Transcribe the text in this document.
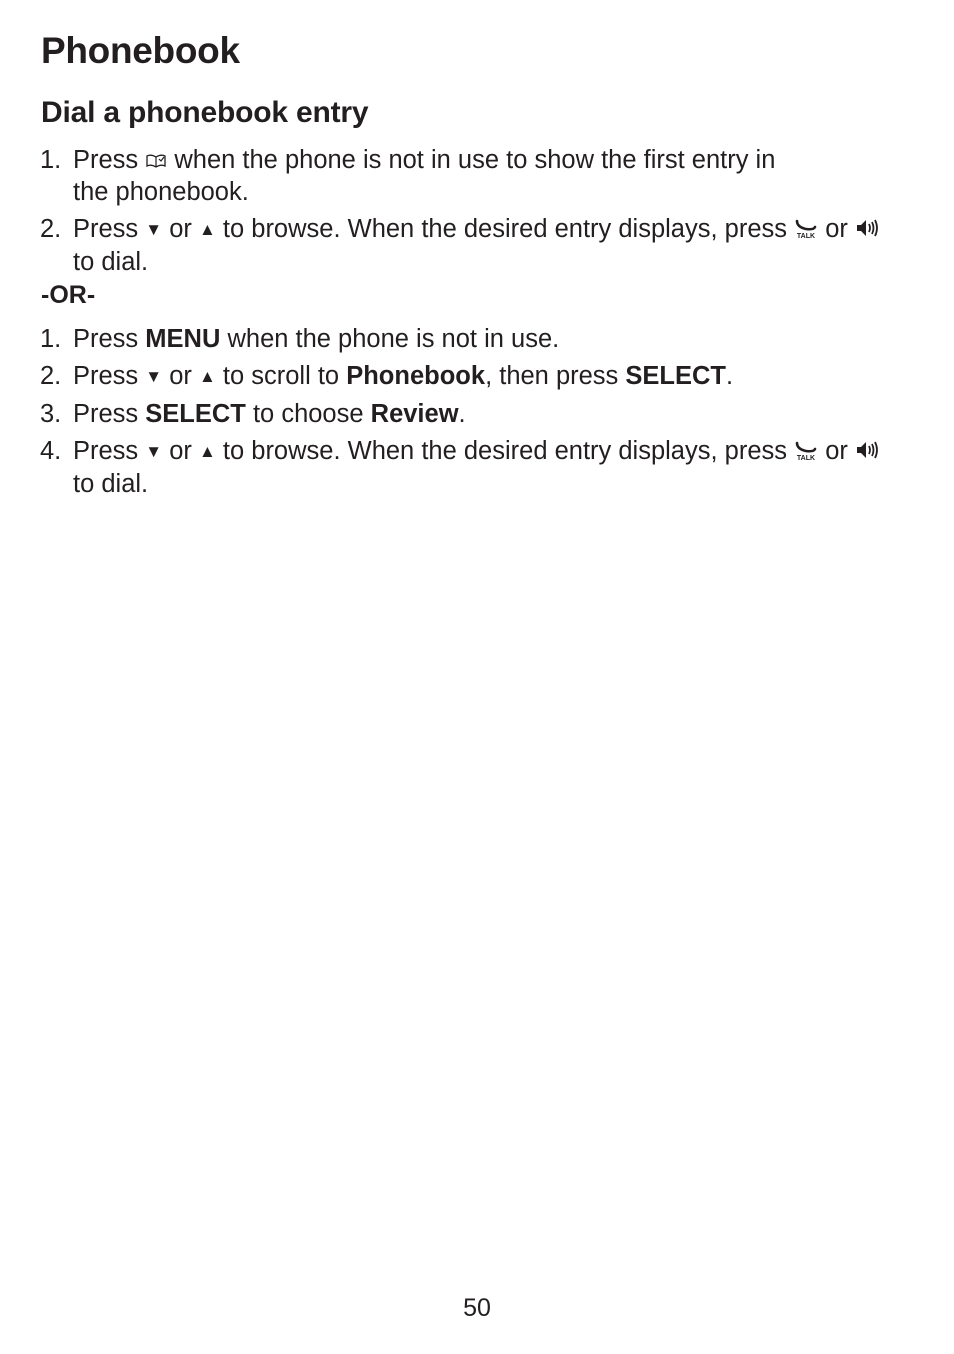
Phonebook
Dial a phonebook entry
1. Press when the phone is not in use to show the first entry in
the phonebook.
2. Press ▼ or ▲ to browse. When the desired entry displays, press TALK or
to dial.
-OR-
1. Press MENU when the phone is not in use.
2. Press ▼ or ▲ to scroll to Phonebook, then press SELECT.
3. Press SELECT to choose Review.
4. Press ▼ or ▲ to browse. When the desired entry displays, press TALK or
to dial.
50
